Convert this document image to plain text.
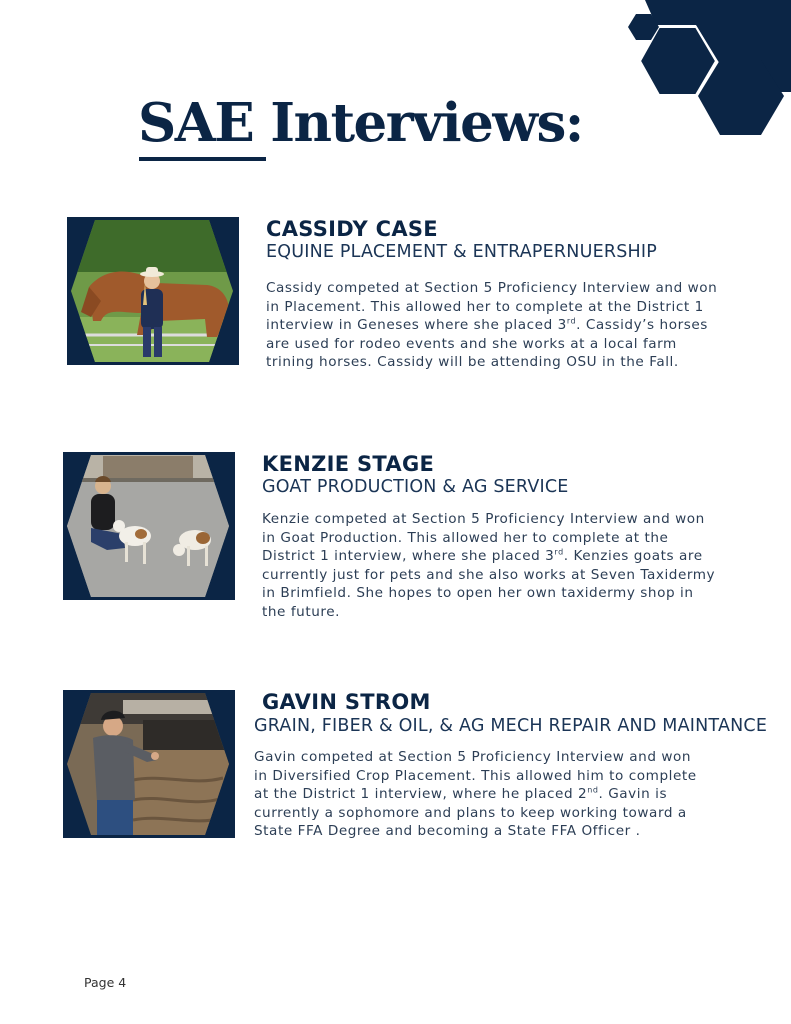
SAE Interviews:

CASSIDY CASE

EQUINE PLACEMENT & ENTRAPERNUERSHIP

Cassidy competed at Section 5 Proficiency Interview and won
in Placement. This allowed her to complete at the District 1
interview in Geneses where she placed 3rd. Cassidy’s horses
are used for rodeo events and she works at a local farm
trining horses. Cassidy will be attending OSU in the Fall.

KENZIE STAGE

GOAT PRODUCTION & AG SERVICE

Kenzie competed at Section 5 Proficiency Interview and won
in Goat Production. This allowed her to complete at the
District 1 interview, where she placed 3rd. Kenzies goats are
currently just for pets and she also works at Seven Taxidermy
in Brimfield. She hopes to open her own taxidermy shop in
the future.

GAVIN STROM

GRAIN, FIBER & OIL, & AG MECH REPAIR AND MAINTANCE

Gavin competed at Section 5 Proficiency Interview and won
in Diversified Crop Placement. This allowed him to complete
at the District 1 interview, where he placed 2nd. Gavin is
currently a sophomore and plans to keep working toward a
State FFA Degree and becoming a State FFA Officer .
Page 4
